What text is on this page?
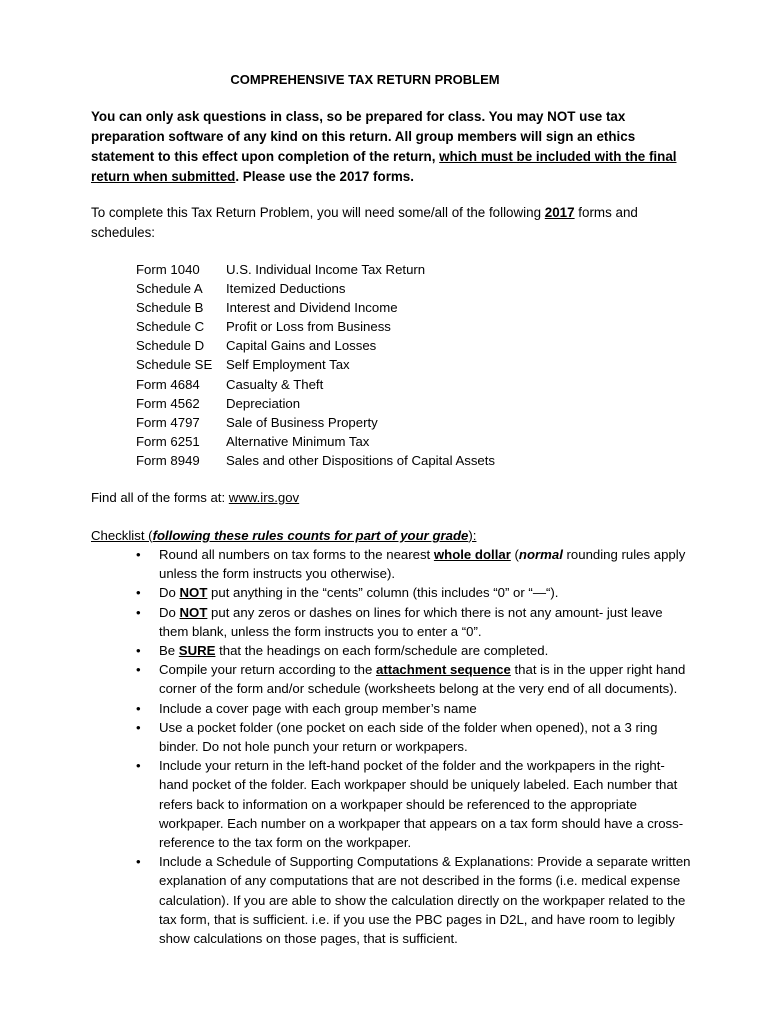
COMPREHENSIVE TAX RETURN PROBLEM
You can only ask questions in class, so be prepared for class. You may NOT use tax preparation software of any kind on this return. All group members will sign an ethics statement to this effect upon completion of the return, which must be included with the final return when submitted. Please use the 2017 forms.
To complete this Tax Return Problem, you will need some/all of the following 2017 forms and schedules:
Form 1040	U.S. Individual Income Tax Return
Schedule A	Itemized Deductions
Schedule B	Interest and Dividend Income
Schedule C	Profit or Loss from Business
Schedule D	Capital Gains and Losses
Schedule SE	Self Employment Tax
Form 4684	Casualty & Theft
Form 4562	Depreciation
Form 4797	Sale of Business Property
Form 6251	Alternative Minimum Tax
Form 8949	Sales and other Dispositions of Capital Assets
Find all of the forms at: www.irs.gov
Checklist (following these rules counts for part of your grade):
• Round all numbers on tax forms to the nearest whole dollar (normal rounding rules apply unless the form instructs you otherwise).
• Do NOT put anything in the “cents” column (this includes “0” or “—“).
• Do NOT put any zeros or dashes on lines for which there is not any amount- just leave them blank, unless the form instructs you to enter a “0”.
• Be SURE that the headings on each form/schedule are completed.
• Compile your return according to the attachment sequence that is in the upper right hand corner of the form and/or schedule (worksheets belong at the very end of all documents).
• Include a cover page with each group member’s name
• Use a pocket folder (one pocket on each side of the folder when opened), not a 3 ring binder. Do not hole punch your return or workpapers.
• Include your return in the left-hand pocket of the folder and the workpapers in the right-hand pocket of the folder. Each workpaper should be uniquely labeled. Each number that refers back to information on a workpaper should be referenced to the appropriate workpaper. Each number on a workpaper that appears on a tax form should have a cross-reference to the tax form on the workpaper.
• Include a Schedule of Supporting Computations & Explanations: Provide a separate written explanation of any computations that are not described in the forms (i.e. medical expense calculation). If you are able to show the calculation directly on the workpaper related to the tax form, that is sufficient. i.e. if you use the PBC pages in D2L, and have room to legibly show calculations on those pages, that is sufficient.
